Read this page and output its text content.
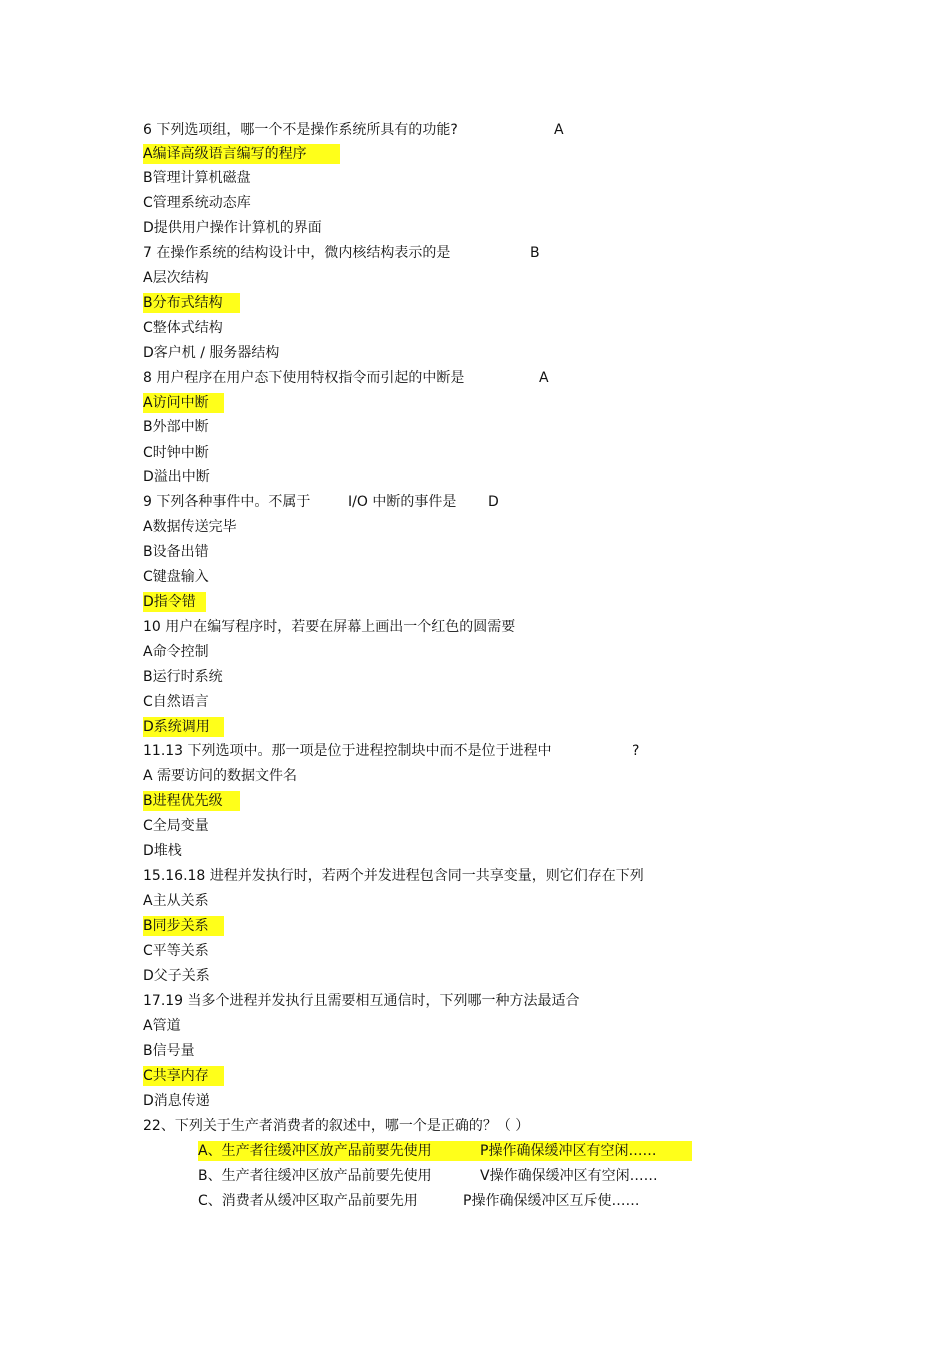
6 下列选项组，哪一个不是操作系统所具有的功能?	A
A编译高级语言编写的程序
B管理计算机磁盘
C管理系统动态库
D提供用户操作计算机的界面
7 在操作系统的结构设计中，微内核结构表示的是	B
A层次结构
B分布式结构
C整体式结构
D客户机 / 服务器结构
8 用户程序在用户态下使用特权指令而引起的中断是	A
A访问中断
B外部中断
C时钟中断
D溢出中断
9 下列各种事件中。不属于	I/O 中断的事件是 D
A数据传送完毕
B设备出错
C键盘输入
D指令错
10 用户在编写程序时，若要在屏幕上画出一个红色的圆需要
A命令控制
B运行时系统
C自然语言
D系统调用
11.13 下列选项中。那一项是位于进程控制块中而不是位于进程中	?
A 需要访问的数据文件名
B进程优先级
C全局变量
D堆栈
15.16.18 进程并发执行时，若两个并发进程包含同一共享变量，则它们存在下列
A主从关系
B同步关系
C平等关系
D父子关系
17.19 当多个进程并发执行且需要相互通信时，下列哪一种方法最适合
A管道
B信号量
C共享内存
D消息传递
22、下列关于生产者消费者的叙述中，哪一个是正确的？（ ）
A、生产者往缓冲区放产品前要先使用	P操作确保缓冲区有空闲……
B、生产者往缓冲区放产品前要先使用	V操作确保缓冲区有空闲……
C、消费者从缓冲区取产品前要先用	P操作确保缓冲区互斥使……
